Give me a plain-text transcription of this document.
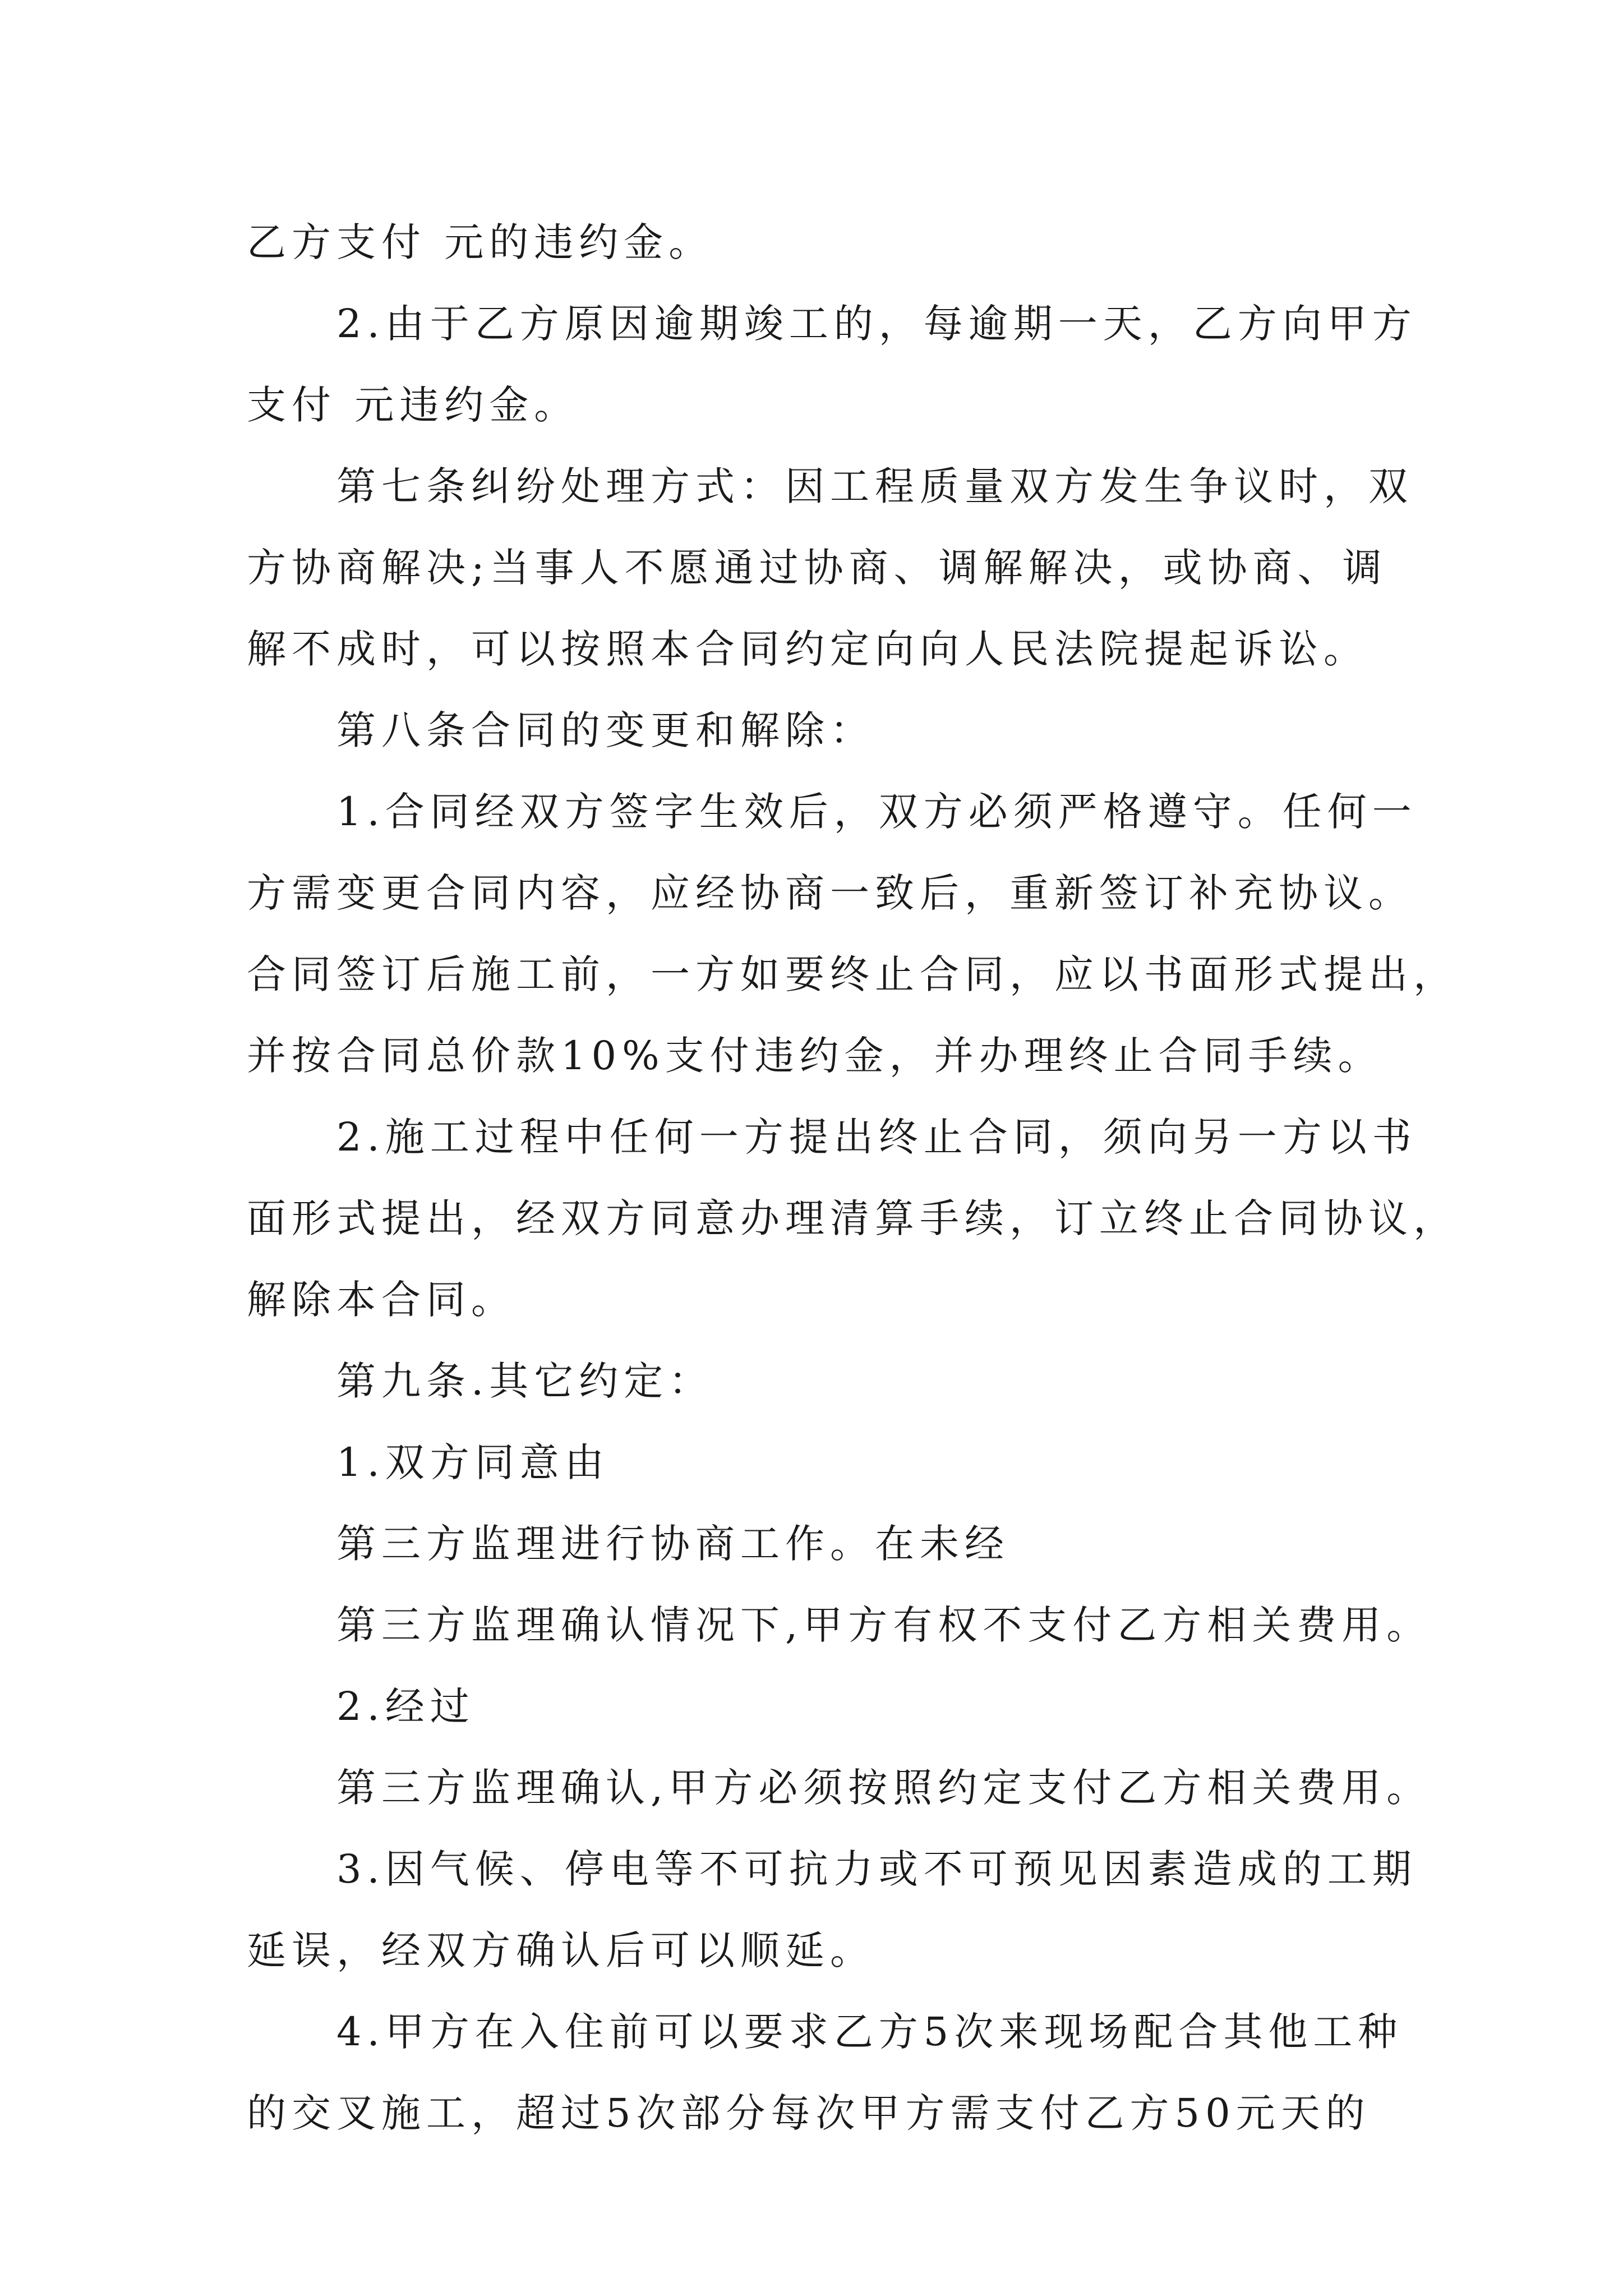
乙方支付 元的违约金。
2.由于乙方原因逾期竣工的，每逾期一天，乙方向甲方
支付 元违约金。
第七条纠纷处理方式：因工程质量双方发生争议时，双
方协商解决;当事人不愿通过协商、调解解决，或协商、调
解不成时，可以按照本合同约定向向人民法院提起诉讼。
第八条合同的变更和解除：
1.合同经双方签字生效后，双方必须严格遵守。任何一
方需变更合同内容，应经协商一致后，重新签订补充协议。
合同签订后施工前，一方如要终止合同，应以书面形式提出，
并按合同总价款10%支付违约金，并办理终止合同手续。
2.施工过程中任何一方提出终止合同，须向另一方以书
面形式提出，经双方同意办理清算手续，订立终止合同协议，
解除本合同。
第九条.其它约定：
1.双方同意由
第三方监理进行协商工作。在未经
第三方监理确认情况下,甲方有权不支付乙方相关费用。
2.经过
第三方监理确认,甲方必须按照约定支付乙方相关费用。
3.因气候、停电等不可抗力或不可预见因素造成的工期
延误，经双方确认后可以顺延。
4.甲方在入住前可以要求乙方5次来现场配合其他工种
的交叉施工，超过5次部分每次甲方需支付乙方50元天的
